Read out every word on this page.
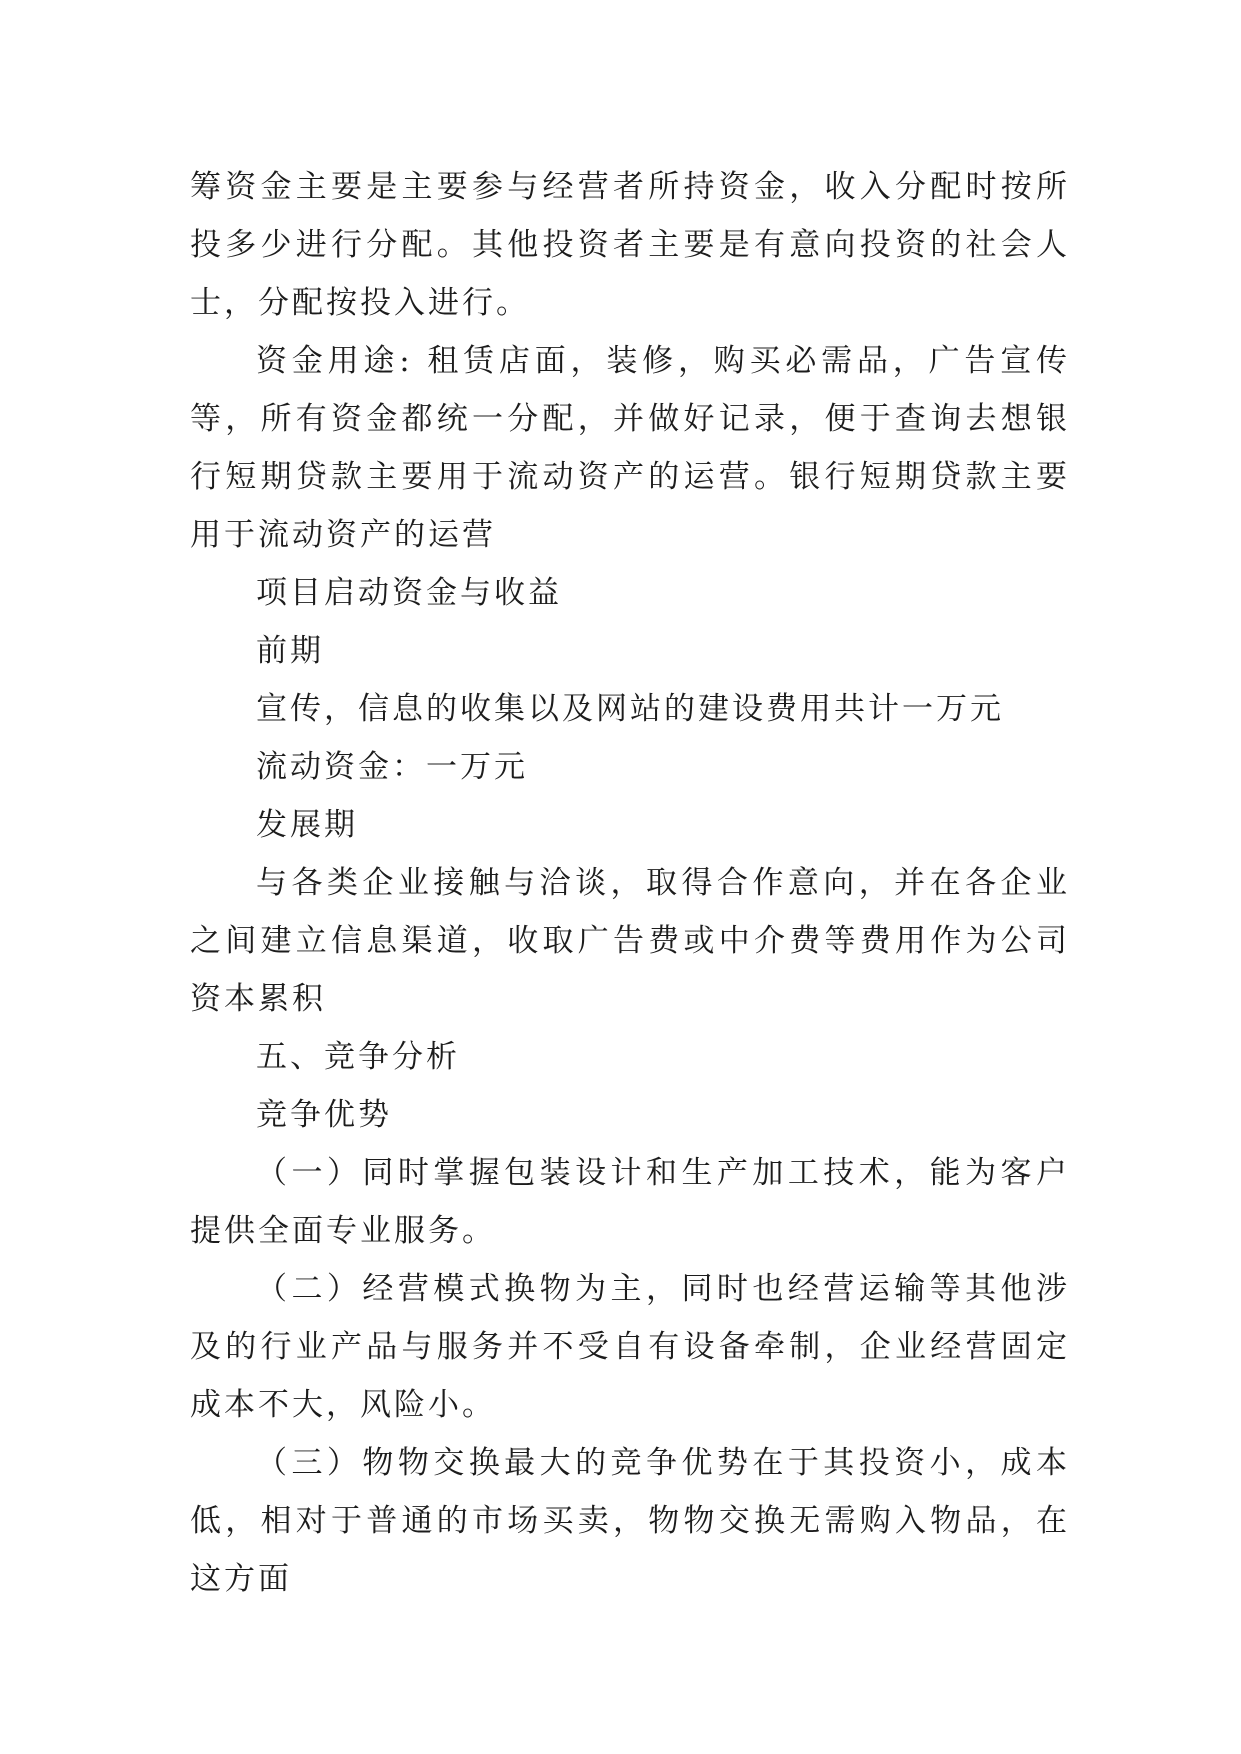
筹资金主要是主要参与经营者所持资金，收入分配时按所投多少进行分配。其他投资者主要是有意向投资的社会人士，分配按投入进行。

资金用途: 租赁店面，装修，购买必需品，广告宣传等，所有资金都统一分配，并做好记录，便于查询去想银行短期贷款主要用于流动资产的运营。银行短期贷款主要用于流动资产的运营

项目启动资金与收益

前期

宣传，信息的收集以及网站的建设费用共计一万元

流动资金：一万元

发展期

与各类企业接触与洽谈，取得合作意向，并在各企业之间建立信息渠道，收取广告费或中介费等费用作为公司资本累积

五、竞争分析

竞争优势

（一）同时掌握包装设计和生产加工技术，能为客户提供全面专业服务。

（二）经营模式换物为主，同时也经营运输等其他涉及的行业产品与服务并不受自有设备牵制，企业经营固定成本不大，风险小。

（三）物物交换最大的竞争优势在于其投资小，成本低，相对于普通的市场买卖，物物交换无需购入物品，在这方面
